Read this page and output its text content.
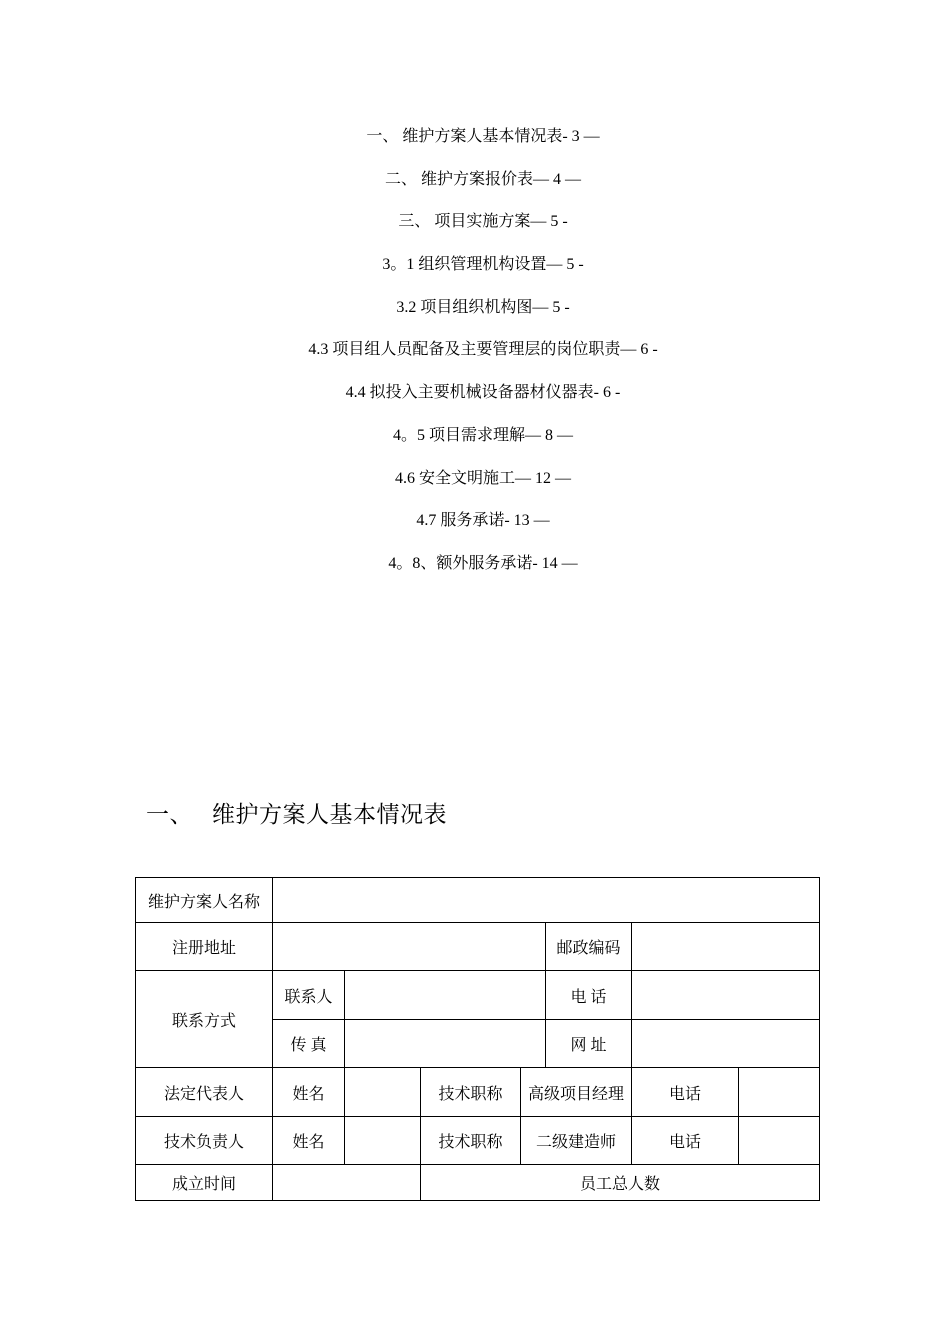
一、 维护方案人基本情况表- 3 —
二、 维护方案报价表— 4 —
三、 项目实施方案— 5 -
3。1 组织管理机构设置— 5 -
3.2 项目组织机构图— 5 -
4.3 项目组人员配备及主要管理层的岗位职责— 6 -
4.4 拟投入主要机械设备器材仪器表- 6 -
4。5 项目需求理解— 8 —
4.6 安全文明施工— 12 —
4.7 服务承诺- 13 —
4。8、额外服务承诺- 14 —
一、 维护方案人基本情况表
维护方案人名称							
注册地址					邮政编码		
联系方式	联系人				电 话		
	传 真				网 址		
法定代表人	姓名		技术职称	高级项目经理		电话	
技术负责人	姓名		技术职称	二级建造师		电话	
成立时间			员工总人数				
